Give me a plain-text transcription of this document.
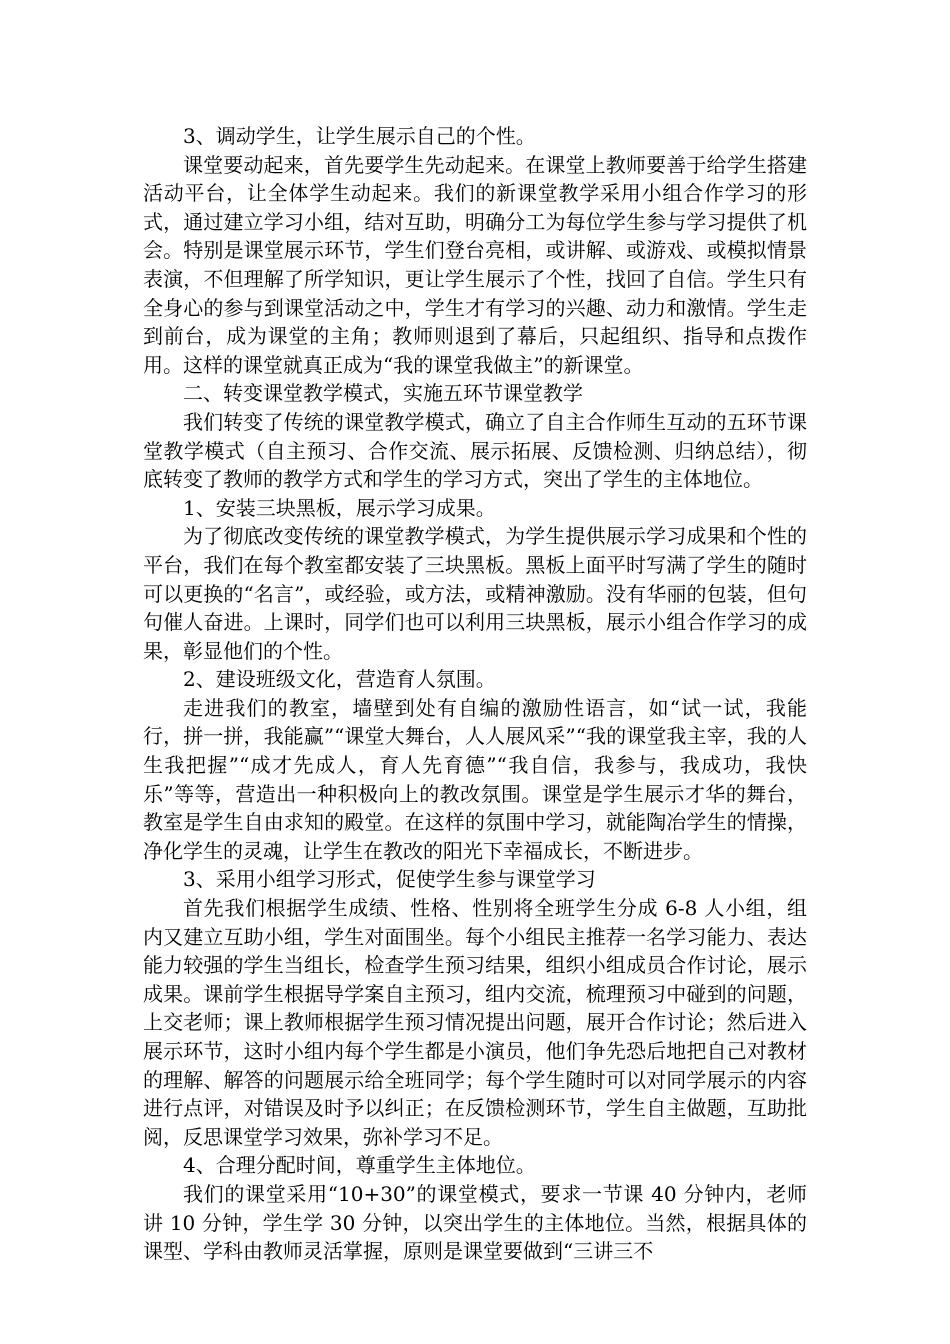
3、调动学生，让学生展示自己的个性。

课堂要动起来，首先要学生先动起来。在课堂上教师要善于给学生搭建活动平台，让全体学生动起来。我们的新课堂教学采用小组合作学习的形式，通过建立学习小组，结对互助，明确分工为每位学生参与学习提供了机会。特别是课堂展示环节，学生们登台亮相，或讲解、或游戏、或模拟情景表演，不但理解了所学知识，更让学生展示了个性，找回了自信。学生只有全身心的参与到课堂活动之中，学生才有学习的兴趣、动力和激情。学生走到前台，成为课堂的主角；教师则退到了幕后，只起组织、指导和点拨作用。这样的课堂就真正成为“我的课堂我做主”的新课堂。

二、转变课堂教学模式，实施五环节课堂教学

我们转变了传统的课堂教学模式，确立了自主合作师生互动的五环节课堂教学模式（自主预习、合作交流、展示拓展、反馈检测、归纳总结），彻底转变了教师的教学方式和学生的学习方式，突出了学生的主体地位。

1、安装三块黑板，展示学习成果。

为了彻底改变传统的课堂教学模式，为学生提供展示学习成果和个性的平台，我们在每个教室都安装了三块黑板。黑板上面平时写满了学生的随时可以更换的“名言”，或经验，或方法，或精神激励。没有华丽的包装，但句句催人奋进。上课时，同学们也可以利用三块黑板，展示小组合作学习的成果，彰显他们的个性。

2、建设班级文化，营造育人氛围。

走进我们的教室，墙壁到处有自编的激励性语言，如“试一试，我能行，拼一拼，我能赢”“课堂大舞台，人人展风采”“我的课堂我主宰，我的人生我把握”“成才先成人，育人先育德”“我自信，我参与，我成功，我快乐”等等，营造出一种积极向上的教改氛围。课堂是学生展示才华的舞台，教室是学生自由求知的殿堂。在这样的氛围中学习，就能陶冶学生的情操，净化学生的灵魂，让学生在教改的阳光下幸福成长，不断进步。

3、采用小组学习形式，促使学生参与课堂学习

首先我们根据学生成绩、性格、性别将全班学生分成 6-8 人小组，组内又建立互助小组，学生对面围坐。每个小组民主推荐一名学习能力、表达能力较强的学生当组长，检查学生预习结果，组织小组成员合作讨论，展示成果。课前学生根据导学案自主预习，组内交流，梳理预习中碰到的问题，上交老师；课上教师根据学生预习情况提出问题，展开合作讨论；然后进入展示环节，这时小组内每个学生都是小演员，他们争先恐后地把自己对教材的理解、解答的问题展示给全班同学；每个学生随时可以对同学展示的内容进行点评，对错误及时予以纠正；在反馈检测环节，学生自主做题，互助批阅，反思课堂学习效果，弥补学习不足。

4、合理分配时间，尊重学生主体地位。

我们的课堂采用“10+30”的课堂模式，要求一节课 40 分钟内，老师讲 10 分钟，学生学 30 分钟，以突出学生的主体地位。当然，根据具体的课型、学科由教师灵活掌握，原则是课堂要做到“三讲三不
